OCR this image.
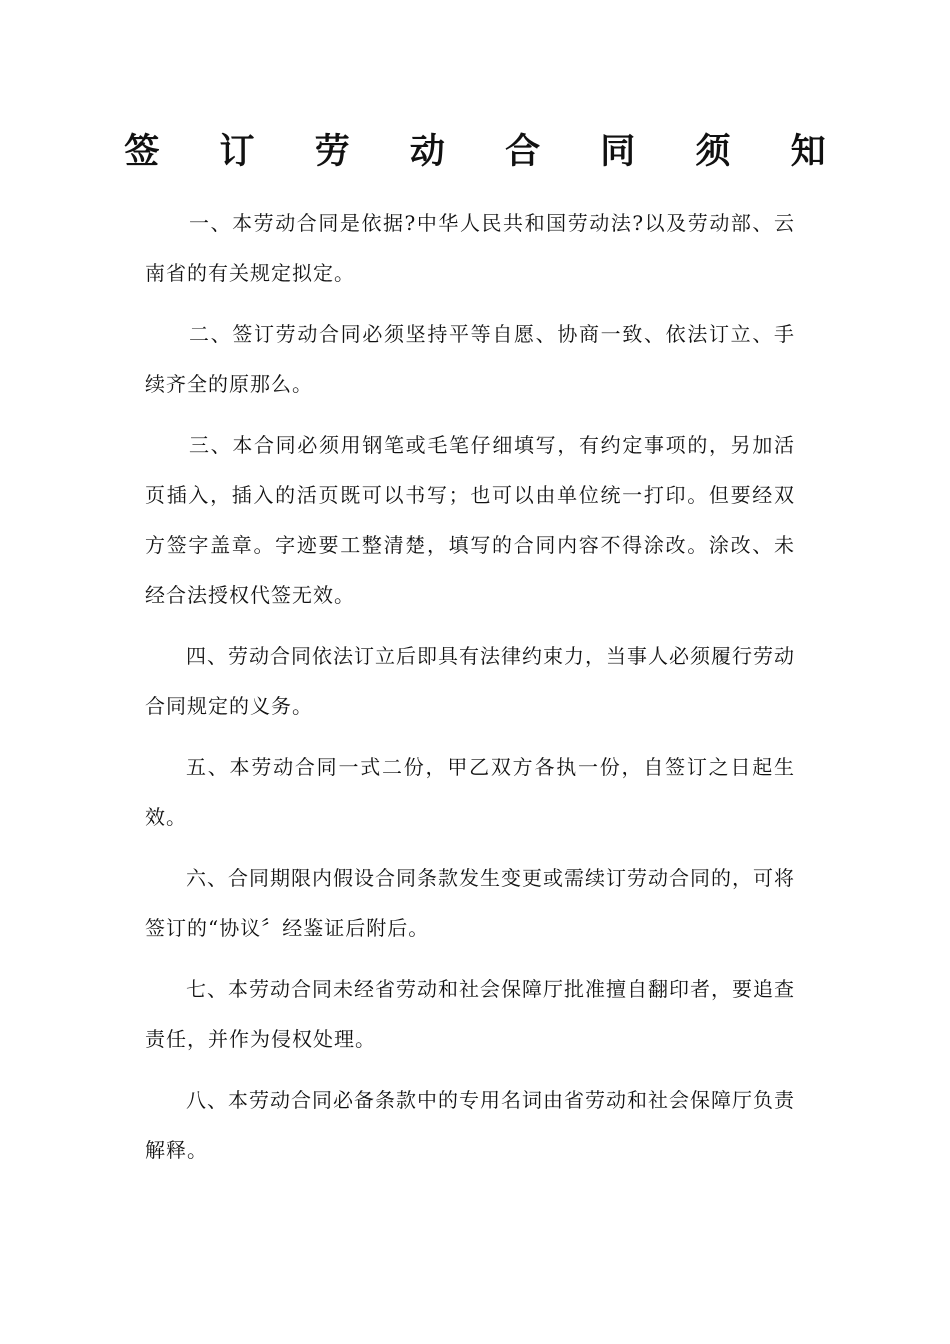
签 订 劳 动 合 同 须 知

一、本劳动合同是依据?中华人民共和国劳动法?以及劳动部、云南省的有关规定拟定。

二、签订劳动合同必须坚持平等自愿、协商一致、依法订立、手续齐全的原那么。

三、本合同必须用钢笔或毛笔仔细填写，有约定事项的，另加活页插入，插入的活页既可以书写；也可以由单位统一打印。但要经双方签字盖章。字迹要工整清楚，填写的合同内容不得涂改。涂改、未经合法授权代签无效。

四、劳动合同依法订立后即具有法律约束力，当事人必须履行劳动合同规定的义务。

五、本劳动合同一式二份，甲乙双方各执一份，自签订之日起生效。

六、合同期限内假设合同条款发生变更或需续订劳动合同的，可将签订的“协议〞经鉴证后附后。

七、本劳动合同未经省劳动和社会保障厅批准擅自翻印者，要追查责任，并作为侵权处理。

八、本劳动合同必备条款中的专用名词由省劳动和社会保障厅负责解释。
